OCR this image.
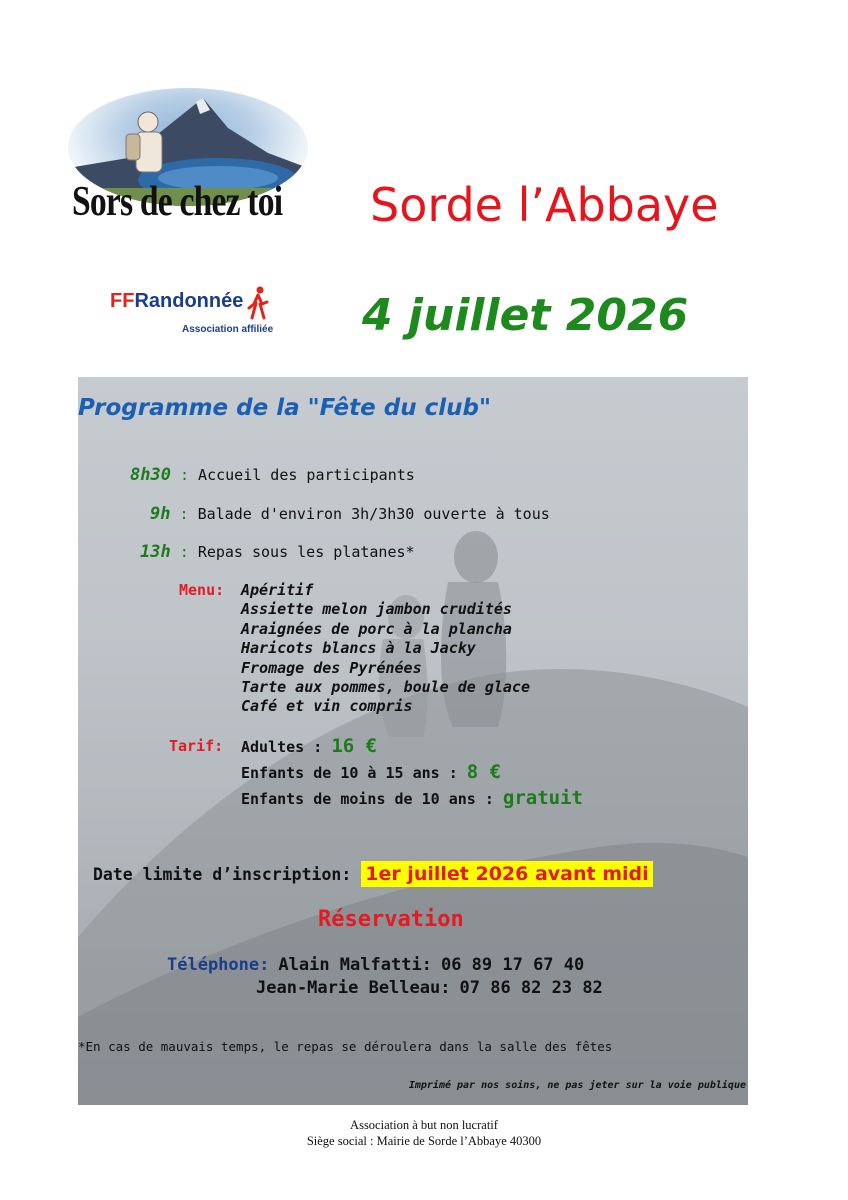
Sors de chez toi
FFRandonnée
Association affiliée
Sorde l’Abbaye
4 juillet 2026
Programme de la "Fête du club"
8h30 : Accueil des participants
9h : Balade d'environ 3h/3h30 ouverte à tous
13h : Repas sous les platanes*
Menu: Apéritif
Assiette melon jambon crudités
Araignées de porc à la plancha
Haricots blancs à la Jacky
Fromage des Pyrénées
Tarte aux pommes, boule de glace
Café et vin compris
Tarif: Adultes : 16 €
Enfants de 10 à 15 ans : 8 €
Enfants de moins de 10 ans : gratuit
Date limite d’inscription: 1er juillet 2026 avant midi
Réservation
Téléphone: Alain Malfatti: 06 89 17 67 40
Jean-Marie Belleau: 07 86 82 23 82
*En cas de mauvais temps, le repas se déroulera dans la salle des fêtes
Imprimé par nos soins, ne pas jeter sur la voie publique
Association à but non lucratif
Siège social : Mairie de Sorde l’Abbaye 40300
